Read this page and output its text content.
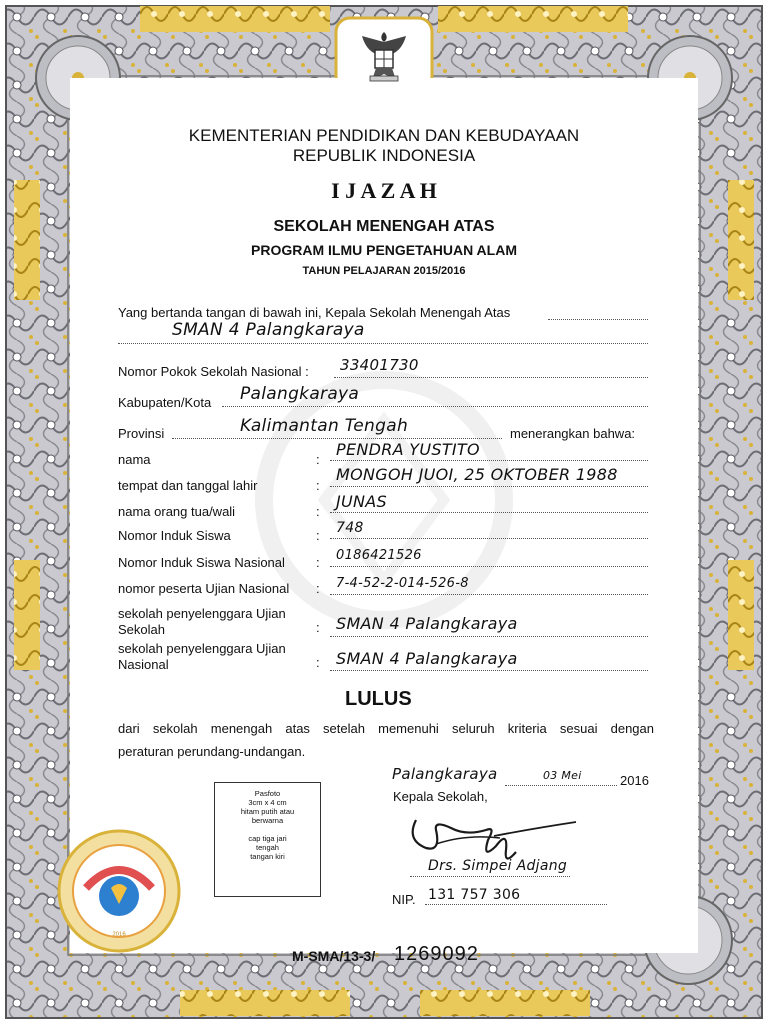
KEMENTERIAN PENDIDIKAN DAN KEBUDAYAAN
REPUBLIK INDONESIA
I J A Z A H
SEKOLAH MENENGAH ATAS
PROGRAM ILMU PENGETAHUAN ALAM
TAHUN PELAJARAN 2015/2016
Yang bertanda tangan di bawah ini, Kepala Sekolah Menengah Atas
SMAN 4 Palangkaraya
Nomor Pokok Sekolah Nasional : 33401730
Kabupaten/Kota Palangkaraya
Provinsi	Kalimantan Tengah	menerangkan bahwa:
nama	:
PENDRA YUSTITO
tempat dan tanggal lahir	:
MONGOH JUOI, 25 OKTOBER 1988
nama orang tua/wali	:
JUNAS
Nomor Induk Siswa	: 748
Nomor Induk Siswa Nasional : 0186421526
nomor peserta Ujian Nasional : 7-4-52-2-014-526-8
sekolah penyelenggara Ujian
Sekolah	: SMAN 4 Palangkaraya
sekolah penyelenggara Ujian
Nasional	: SMAN 4 Palangkaraya
LULUS
dari sekolah menengah atas setelah memenuhi seluruh kriteria sesuai dengan
peraturan perundang-undangan.
Palangkaraya	03 Mei	2016
Kepala Sekolah,
Drs. Simpei Adjang
NIP. 131 757 306
Pasfoto
3cm x 4 cm
hitam putih atau
berwarna
cap tiga jari
tengah
tangan kiri
2016
M-SMA/13-3/ 1269092
